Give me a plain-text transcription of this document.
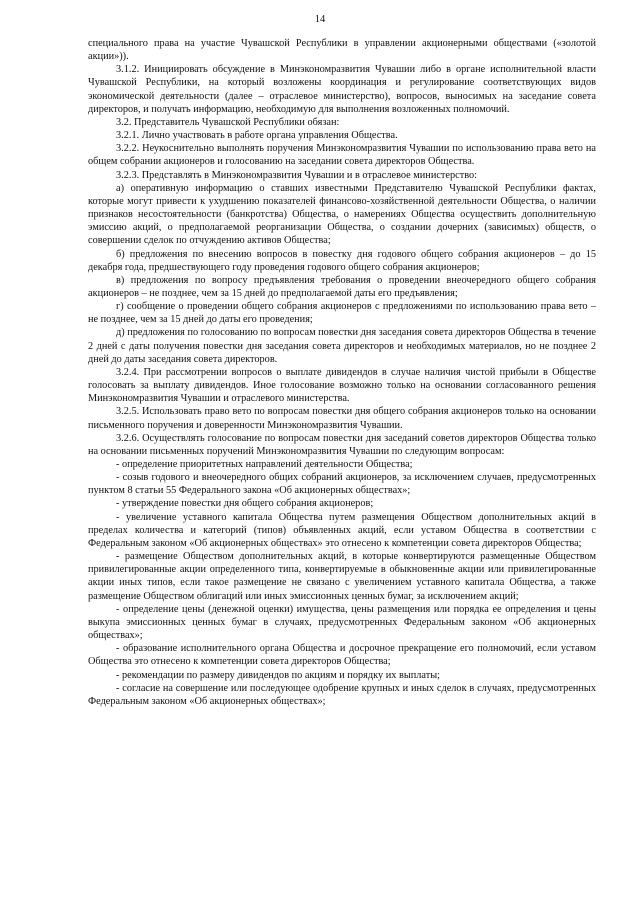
14

специального права на участие Чувашской Республики в управлении акционерными обществами («золотой акции»)).

3.1.2. Инициировать обсуждение в Минэкономразвития Чувашии либо в органе исполнительной власти Чувашской Республики, на который возложены координация и регулирование соответствующих видов экономической деятельности (далее – отраслевое министерство), вопросов, выносимых на заседание совета директоров, и получать информацию, необходимую для выполнения возложенных полномочий.

3.2. Представитель Чувашской Республики обязан:

3.2.1. Лично участвовать в работе органа управления Общества.

3.2.2. Неукоснительно выполнять поручения Минэкономразвития Чувашии по использованию права вето на общем собрании акционеров и голосованию на заседании совета директоров Общества.

3.2.3. Представлять в Минэкономразвития Чувашии и в отраслевое министерство:

а) оперативную информацию о ставших известными Представителю Чувашской Республики фактах, которые могут привести к ухудшению показателей финансово-хозяйственной деятельности Общества, о наличии признаков несостоятельности (банкротства) Общества, о намерениях Общества осуществить дополнительную эмиссию акций, о предполагаемой реорганизации Общества, о создании дочерних (зависимых) обществ, о совершении сделок по отчуждению активов Общества;

б) предложения по внесению вопросов в повестку дня годового общего собрания акционеров – до 15 декабря года, предшествующего году проведения годового общего собрания акционеров;

в) предложения по вопросу предъявления требования о проведении внеочередного общего собрания акционеров – не позднее, чем за 15 дней до предполагаемой даты его предъявления;

г) сообщение о проведении общего собрания акционеров с предложениями по использованию права вето – не позднее, чем за 15 дней до даты его проведения;

д) предложения по голосованию по вопросам повестки дня заседания совета директоров Общества в течение 2 дней с даты получения повестки дня заседания совета директоров и необходимых материалов, но не позднее 2 дней до даты заседания совета директоров.

3.2.4. При рассмотрении вопросов о выплате дивидендов в случае наличия чистой прибыли в Обществе голосовать за выплату дивидендов. Иное голосование возможно только на основании согласованного решения Минэкономразвития Чувашии и отраслевого министерства.

3.2.5. Использовать право вето по вопросам повестки дня общего собрания акционеров только на основании письменного поручения и доверенности Минэкономразвития Чувашии.

3.2.6. Осуществлять голосование по вопросам повестки дня заседаний советов директоров Общества только на основании письменных поручений Минэкономразвития Чувашии по следующим вопросам:

- определение приоритетных направлений деятельности Общества;

- созыв годового и внеочередного общих собраний акционеров, за исключением случаев, предусмотренных пунктом 8 статьи 55 Федерального закона «Об акционерных обществах»;

- утверждение повестки дня общего собрания акционеров;

- увеличение уставного капитала Общества путем размещения Обществом дополнительных акций в пределах количества и категорий (типов) объявленных акций, если уставом Общества в соответствии с Федеральным законом «Об акционерных обществах» это отнесено к компетенции совета директоров Общества;

- размещение Обществом дополнительных акций, в которые конвертируются размещенные Обществом привилегированные акции определенного типа, конвертируемые в обыкновенные акции или привилегированные акции иных типов, если такое размещение не связано с увеличением уставного капитала Общества, а также размещение Обществом облигаций или иных эмиссионных ценных бумаг, за исключением акций;

- определение цены (денежной оценки) имущества, цены размещения или порядка ее определения и цены выкупа эмиссионных ценных бумаг в случаях, предусмотренных Федеральным законом «Об акционерных обществах»;

- образование исполнительного органа Общества и досрочное прекращение его полномочий, если уставом Общества это отнесено к компетенции совета директоров Общества;

- рекомендации по размеру дивидендов по акциям и порядку их выплаты;

- согласие на совершение или последующее одобрение крупных и иных сделок в случаях, предусмотренных Федеральным законом «Об акционерных обществах»;
